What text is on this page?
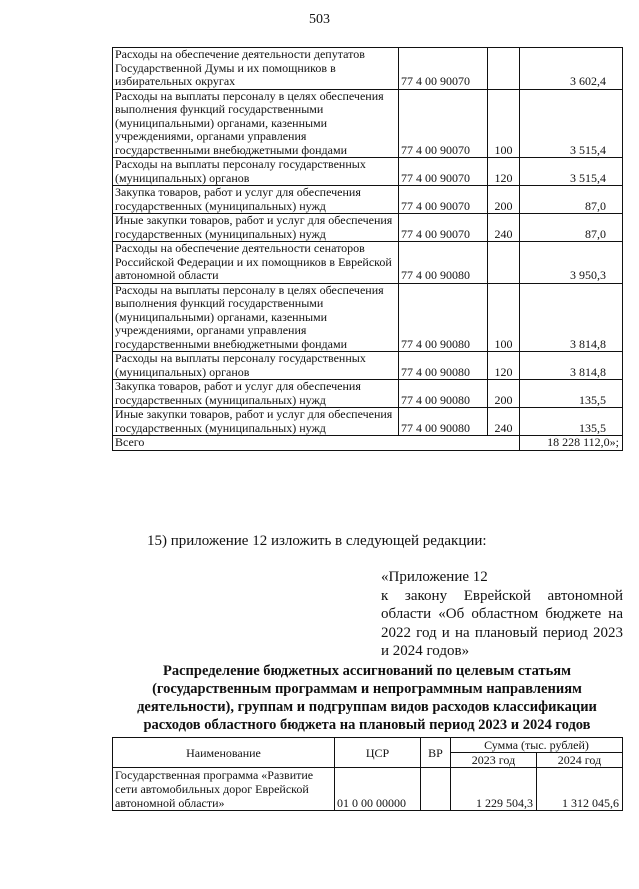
503
Расходы на обеспечение деятельности депутатов Государственной Думы и их помощников в избирательных округах	77 4 00 90070		3 602,4
Расходы на выплаты персоналу в целях обеспечения выполнения функций государственными (муниципальными) органами, казенными учреждениями, органами управления государственными внебюджетными фондами	77 4 00 90070	100	3 515,4
Расходы на выплаты персоналу государственных (муниципальных) органов	77 4 00 90070	120	3 515,4
Закупка товаров, работ и услуг для обеспечения государственных (муниципальных) нужд	77 4 00 90070	200	87,0
Иные закупки товаров, работ и услуг для обеспечения государственных (муниципальных) нужд	77 4 00 90070	240	87,0
Расходы на обеспечение деятельности сенаторов Российской Федерации и их помощников в Еврейской автономной области	77 4 00 90080		3 950,3
Расходы на выплаты персоналу в целях обеспечения выполнения функций государственными (муниципальными) органами, казенными учреждениями, органами управления государственными внебюджетными фондами	77 4 00 90080	100	3 814,8
Расходы на выплаты персоналу государственных (муниципальных) органов	77 4 00 90080	120	3 814,8
Закупка товаров, работ и услуг для обеспечения государственных (муниципальных) нужд	77 4 00 90080	200	135,5
Иные закупки товаров, работ и услуг для обеспечения государственных (муниципальных) нужд	77 4 00 90080	240	135,5
Всего			18 228 112,0»;
15) приложение 12 изложить в следующей редакции:
«Приложение 12
к закону Еврейской автономной области «Об областном бюджете на 2022 год и на плановый период 2023 и 2024 годов»
Распределение бюджетных ассигнований по целевым статьям (государственным программам и непрограммным направлениям деятельности), группам и подгруппам видов расходов классификации расходов областного бюджета на плановый период 2023 и 2024 годов
Наименование	ЦСР	ВР	Сумма (тыс. рублей)	
			2023 год	2024 год
Государственная программа «Развитие сети автомобильных дорог Еврейской автономной области»	01 0 00 00000		1 229 504,3	1 312 045,6
